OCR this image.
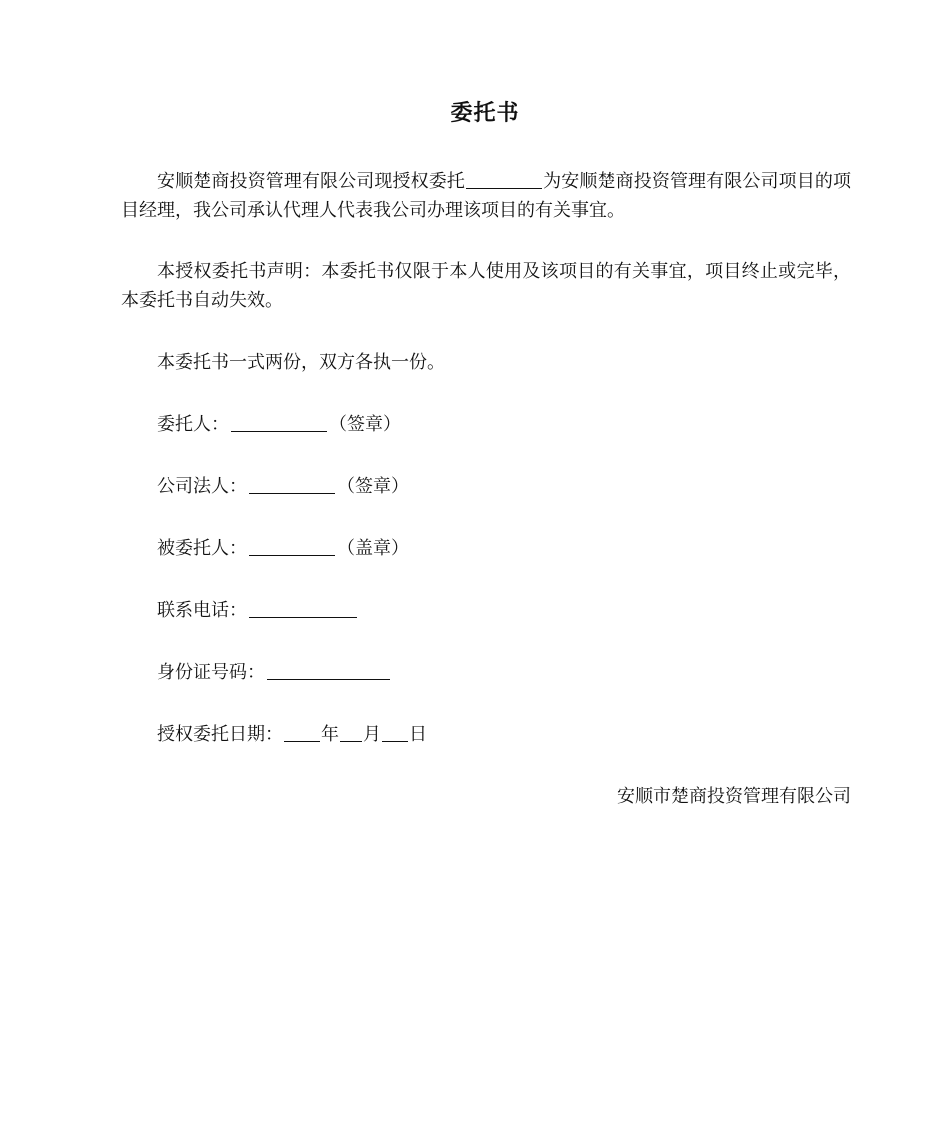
委托书
安顺楚商投资管理有限公司现授权委托	为安顺楚商投资管理有限公司项目的项目经理，我公司承认代理人代表我公司办理该项目的有关事宜。
本授权委托书声明：本委托书仅限于本人使用及该项目的有关事宜，项目终止或完毕，本委托书自动失效。
本委托书一式两份，双方各执一份。
委托人：	（签章）
公司法人：	（签章）
被委托人：	（盖章）
联系电话：
身份证号码：
授权委托日期： 年 月 日
安顺市楚商投资管理有限公司
